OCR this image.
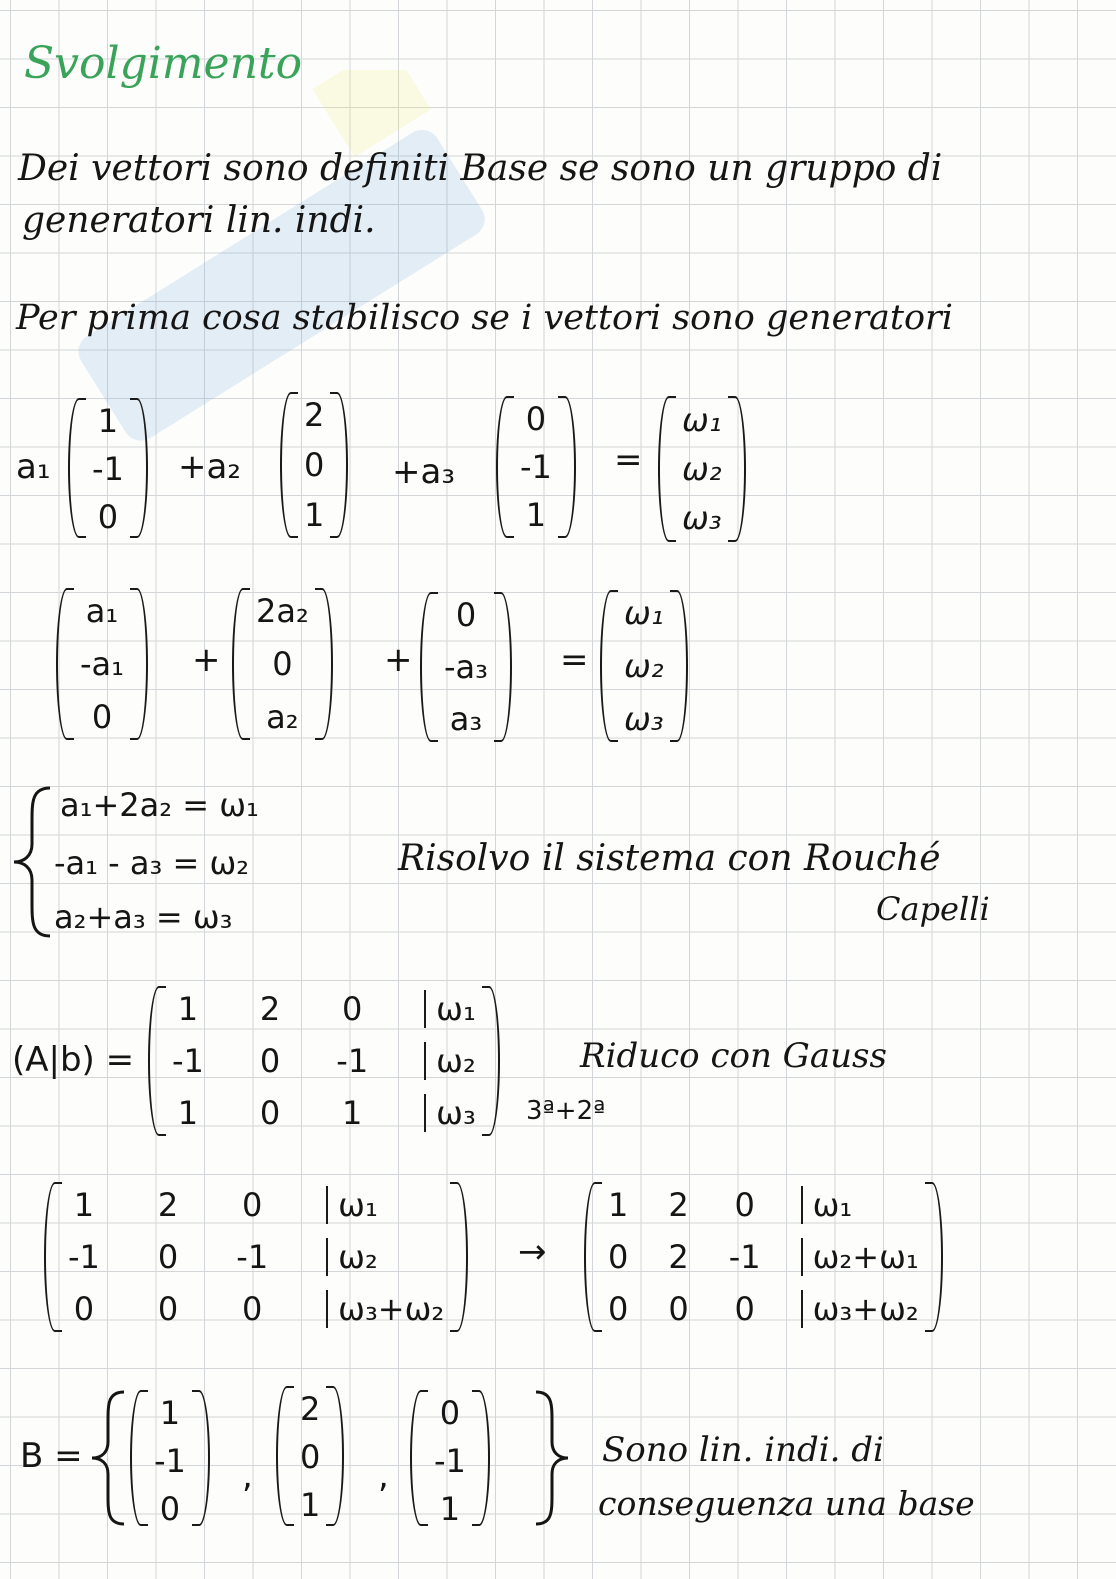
Svolgimento
Dei vettori sono definiti Base se sono un gruppo di
generatori lin. indi.
Per prima cosa stabilisco se i vettori sono generatori
a₁
1
-1
0
+a₂
2
0
1
+a₃
0
-1
1
=
ω₁
ω₂
ω₃
a₁
-a₁
0
+
2a₂
0
a₂
+
0
-a₃
a₃
=
ω₁
ω₂
ω₃
a₁+2a₂ = ω₁
-a₁ - a₃ = ω₂
a₂+a₃ = ω₃
Risolvo il sistema con Rouché
Capelli
(A|b) =
1 2 0	ω₁
-1 0 -1	ω₂
1 0 1	ω₃
Riduco con Gauss
3ª+2ª
1 2 0	ω₁
-1 0 -1	ω₂
0 0 0	ω₃+ω₂
→
1 2 0	ω₁
0 2 -1	ω₂+ω₁
0 0 0	ω₃+ω₂
B =
1
-1
0
,
2
0
1
,
0
-1
1
Sono lin. indi. di
conseguenza una base
